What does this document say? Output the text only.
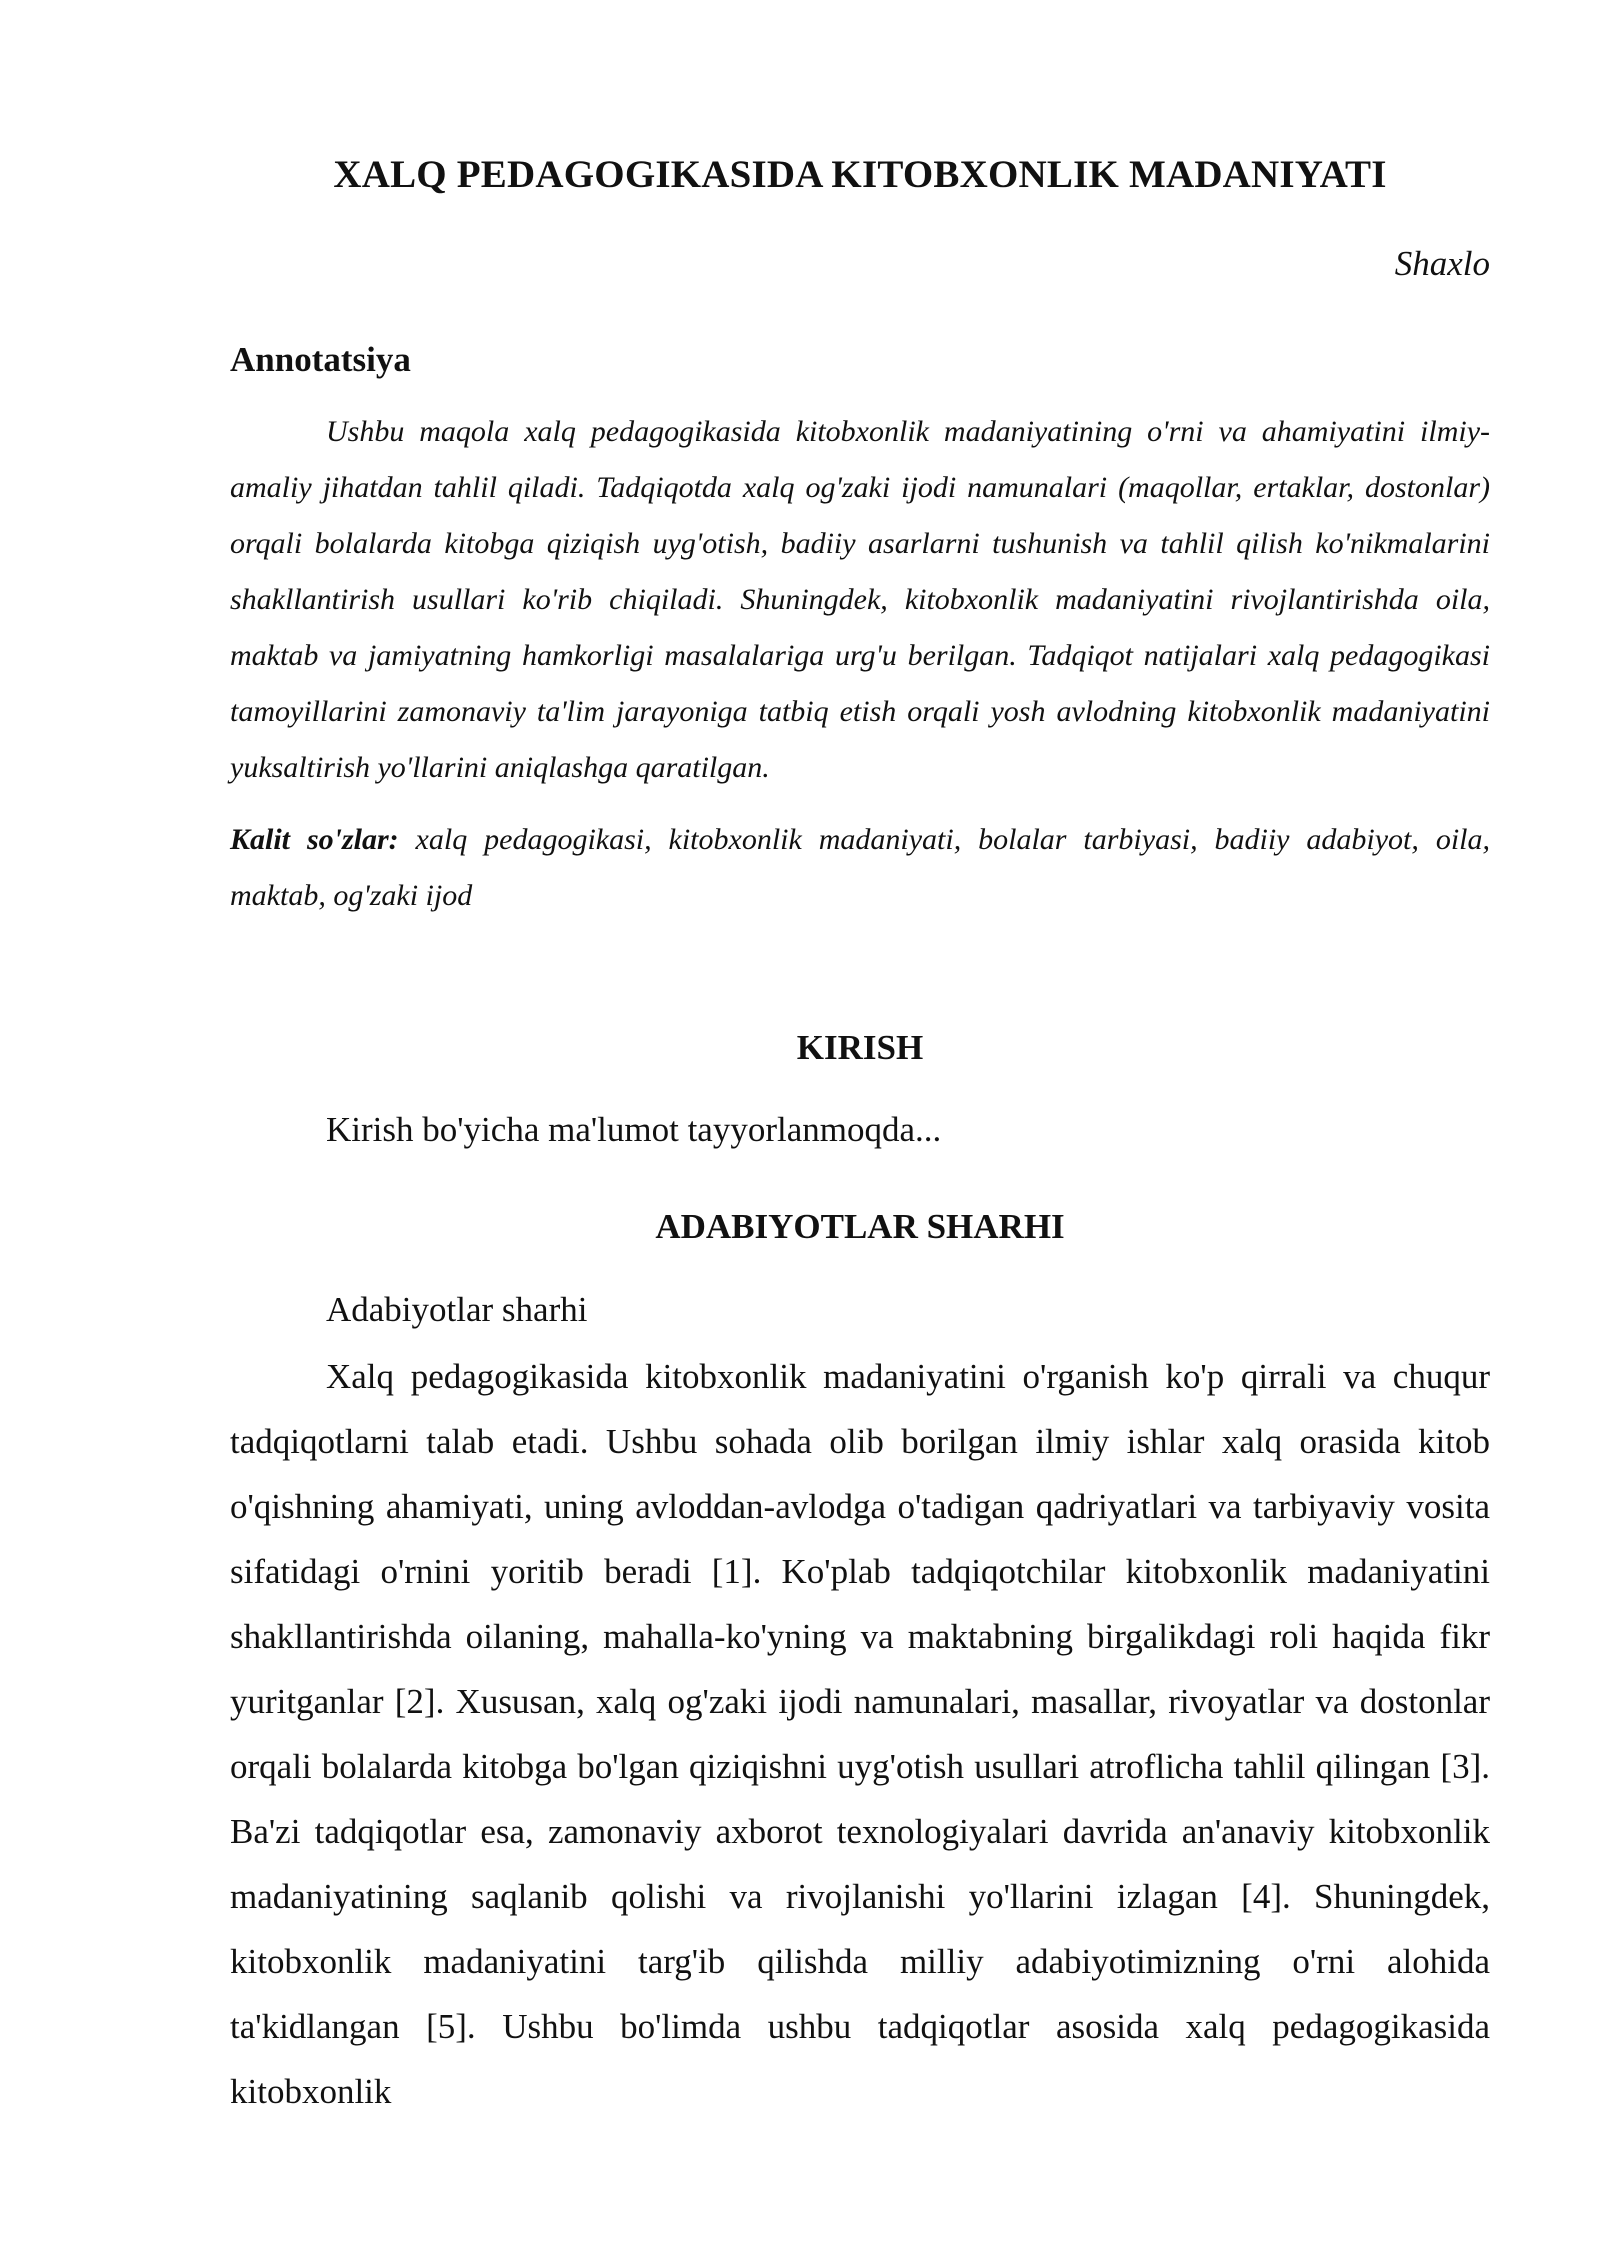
XALQ PEDAGOGIKASIDA KITOBXONLIK MADANIYATI
Shaxlo
Annotatsiya
Ushbu maqola xalq pedagogikasida kitobxonlik madaniyatining o'rni va ahamiyatini ilmiy-amaliy jihatdan tahlil qiladi. Tadqiqotda xalq og'zaki ijodi namunalari (maqollar, ertaklar, dostonlar) orqali bolalarda kitobga qiziqish uyg'otish, badiiy asarlarni tushunish va tahlil qilish ko'nikmalarini shakllantirish usullari ko'rib chiqiladi. Shuningdek, kitobxonlik madaniyatini rivojlantirishda oila, maktab va jamiyatning hamkorligi masalalariga urg'u berilgan. Tadqiqot natijalari xalq pedagogikasi tamoyillarini zamonaviy ta'lim jarayoniga tatbiq etish orqali yosh avlodning kitobxonlik madaniyatini yuksaltirish yo'llarini aniqlashga qaratilgan.
Kalit so'zlar: xalq pedagogikasi, kitobxonlik madaniyati, bolalar tarbiyasi, badiiy adabiyot, oila, maktab, og'zaki ijod
KIRISH
Kirish bo'yicha ma'lumot tayyorlanmoqda...
ADABIYOTLAR SHARHI
Adabiyotlar sharhi
Xalq pedagogikasida kitobxonlik madaniyatini o'rganish ko'p qirrali va chuqur tadqiqotlarni talab etadi. Ushbu sohada olib borilgan ilmiy ishlar xalq orasida kitob o'qishning ahamiyati, uning avloddan-avlodga o'tadigan qadriyatlari va tarbiyaviy vosita sifatidagi o'rnini yoritib beradi [1]. Ko'plab tadqiqotchilar kitobxonlik madaniyatini shakllantirishda oilaning, mahalla-ko'yning va maktabning birgalikdagi roli haqida fikr yuritganlar [2]. Xususan, xalq og'zaki ijodi namunalari, masallar, rivoyatlar va dostonlar orqali bolalarda kitobga bo'lgan qiziqishni uyg'otish usullari atroflicha tahlil qilingan [3]. Ba'zi tadqiqotlar esa, zamonaviy axborot texnologiyalari davrida an'anaviy kitobxonlik madaniyatining saqlanib qolishi va rivojlanishi yo'llarini izlagan [4]. Shuningdek, kitobxonlik madaniyatini targ'ib qilishda milliy adabiyotimizning o'rni alohida ta'kidlangan [5]. Ushbu bo'limda ushbu tadqiqotlar asosida xalq pedagogikasida kitobxonlik
